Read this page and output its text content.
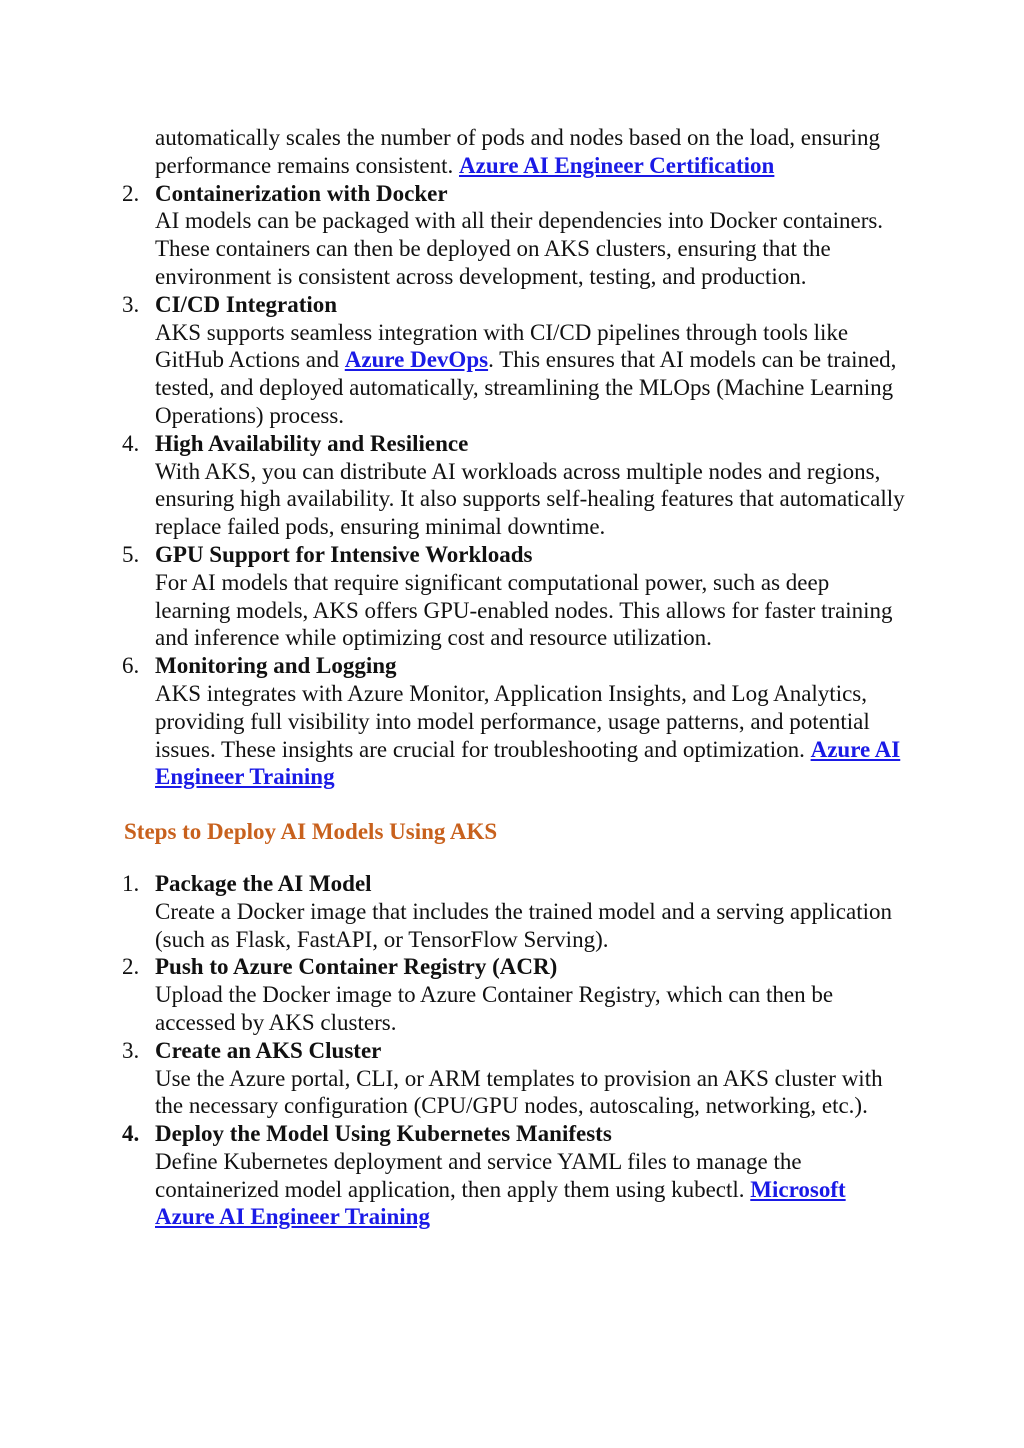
automatically scales the number of pods and nodes based on the load, ensuring performance remains consistent. Azure AI Engineer Certification

2. Containerization with Docker
AI models can be packaged with all their dependencies into Docker containers. These containers can then be deployed on AKS clusters, ensuring that the environment is consistent across development, testing, and production.
3. CI/CD Integration
AKS supports seamless integration with CI/CD pipelines through tools like GitHub Actions and Azure DevOps. This ensures that AI models can be trained, tested, and deployed automatically, streamlining the MLOps (Machine Learning Operations) process.
4. High Availability and Resilience
With AKS, you can distribute AI workloads across multiple nodes and regions, ensuring high availability. It also supports self-healing features that automatically replace failed pods, ensuring minimal downtime.
5. GPU Support for Intensive Workloads
For AI models that require significant computational power, such as deep learning models, AKS offers GPU-enabled nodes. This allows for faster training and inference while optimizing cost and resource utilization.
6. Monitoring and Logging
AKS integrates with Azure Monitor, Application Insights, and Log Analytics, providing full visibility into model performance, usage patterns, and potential issues. These insights are crucial for troubleshooting and optimization. Azure AI Engineer Training
Steps to Deploy AI Models Using AKS
1. Package the AI Model
Create a Docker image that includes the trained model and a serving application (such as Flask, FastAPI, or TensorFlow Serving).
2. Push to Azure Container Registry (ACR)
Upload the Docker image to Azure Container Registry, which can then be accessed by AKS clusters.
3. Create an AKS Cluster
Use the Azure portal, CLI, or ARM templates to provision an AKS cluster with the necessary configuration (CPU/GPU nodes, autoscaling, networking, etc.).
4. Deploy the Model Using Kubernetes Manifests
Define Kubernetes deployment and service YAML files to manage the containerized model application, then apply them using kubectl. Microsoft Azure AI Engineer Training
